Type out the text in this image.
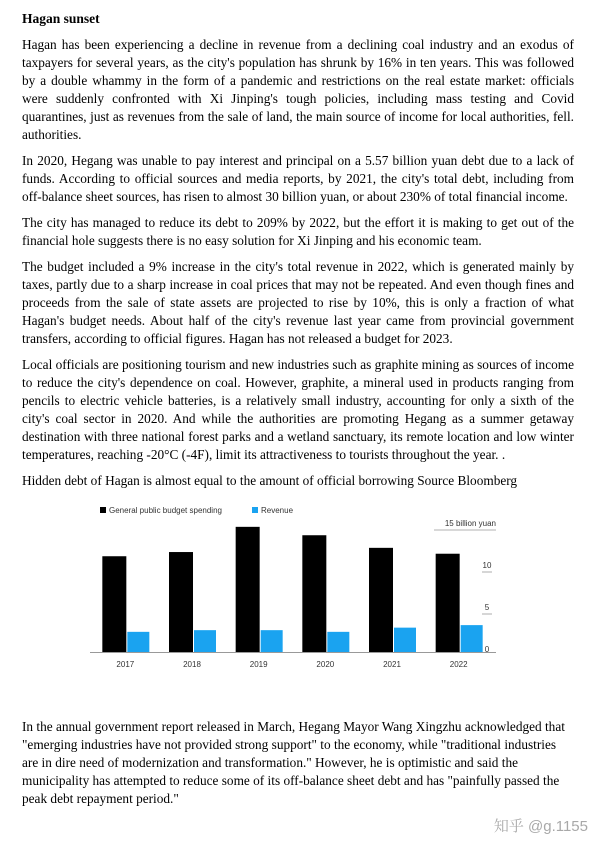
Hagan sunset

Hagan has been experiencing a decline in revenue from a declining coal industry and an exodus of taxpayers for several years, as the city's population has shrunk by 16% in ten years. This was followed by a double whammy in the form of a pandemic and restrictions on the real estate market: officials were suddenly confronted with Xi Jinping's tough policies, including mass testing and Covid quarantines, just as revenues from the sale of land, the main source of income for local authorities, fell. authorities.

In 2020, Hegang was unable to pay interest and principal on a 5.57 billion yuan debt due to a lack of funds. According to official sources and media reports, by 2021, the city's total debt, including from off-balance sheet sources, has risen to almost 30 billion yuan, or about 230% of total financial income.

The city has managed to reduce its debt to 209% by 2022, but the effort it is making to get out of the financial hole suggests there is no easy solution for Xi Jinping and his economic team.

The budget included a 9% increase in the city's total revenue in 2022, which is generated mainly by taxes, partly due to a sharp increase in coal prices that may not be repeated. And even though fines and proceeds from the sale of state assets are projected to rise by 10%, this is only a fraction of what Hagan's budget needs. About half of the city's revenue last year came from provincial government transfers, according to official figures. Hagan has not released a budget for 2023.

Local officials are positioning tourism and new industries such as graphite mining as sources of income to reduce the city's dependence on coal. However, graphite, a mineral used in products ranging from pencils to electric vehicle batteries, is a relatively small industry, accounting for only a sixth of the city's coal sector in 2020. And while the authorities are promoting Hegang as a summer getaway destination with three national forest parks and a wetland sanctuary, its remote location and low winter temperatures, reaching -20°C (-4F), limit its attractiveness to tourists throughout the year. .

Hidden debt of Hagan is almost equal to the amount of official borrowing Source Bloomberg

General public budget spending	Revenue
2017	2018	2019	2020	2021	2022
0
5
10
15 billion yuan

In the annual government report released in March, Hegang Mayor Wang Xingzhu acknowledged that "emerging industries have not provided strong support" to the economy, while "traditional industries are in dire need of modernization and transformation." However, he is optimistic and said the municipality has attempted to reduce some of its off-balance sheet debt and has "painfully passed the peak debt repayment period."

知乎 @g.1155
